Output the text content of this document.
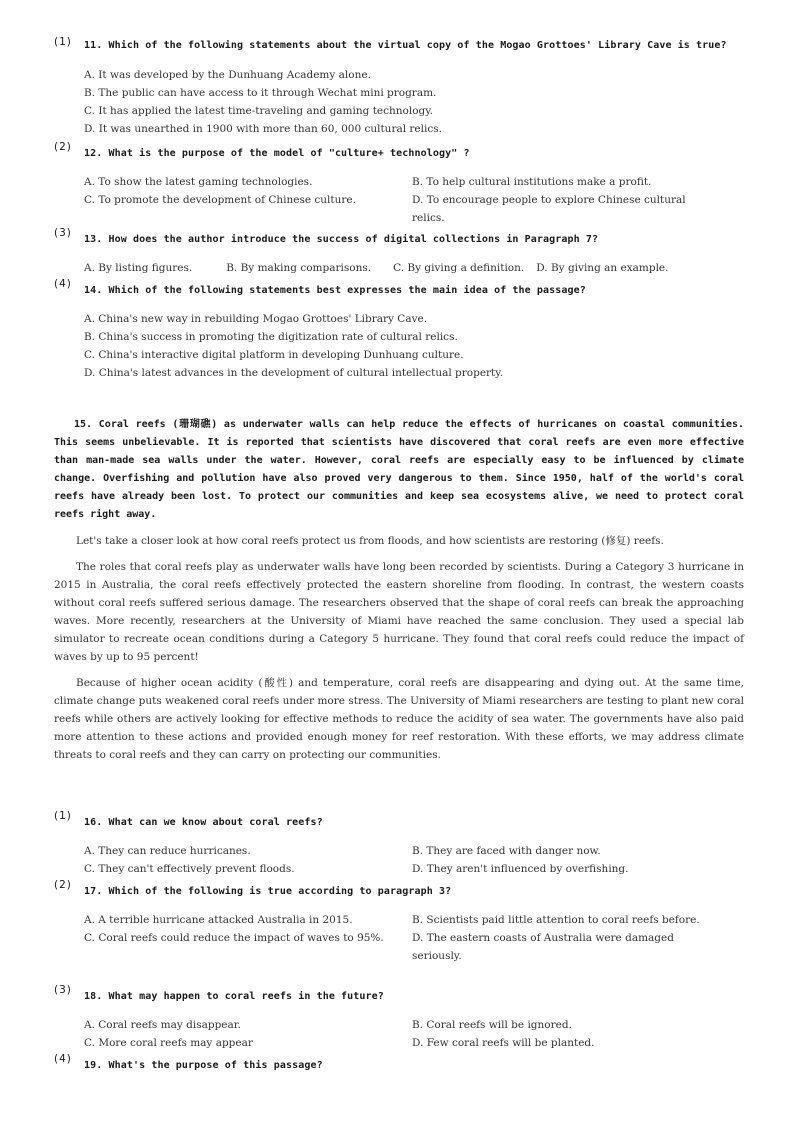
(1) 11. Which of the following statements about the virtual copy of the Mogao Grottoes' Library Cave is true?
A. It was developed by the Dunhuang Academy alone.
B. The public can have access to it through Wechat mini program.
C. It has applied the latest time-traveling and gaming technology.
D. It was unearthed in 1900 with more than 60, 000 cultural relics.
(2)
12. What is the purpose of the model of "culture+ technology" ?
A. To show the latest gaming technologies.	B. To help cultural institutions make a profit.
C. To promote the development of Chinese culture.	D. To encourage people to explore Chinese cultural relics.
(3)
13. How does the author introduce the success of digital collections in Paragraph 7?
A. By listing figures.	B. By making comparisons. C. By giving a definition. D. By giving an example.
(4)
14. Which of the following statements best expresses the main idea of the passage?
A. China's new way in rebuilding Mogao Grottoes' Library Cave.
B. China's success in promoting the digitization rate of cultural relics.
C. China's interactive digital platform in developing Dunhuang culture.
D. China's latest advances in the development of cultural intellectual property.

15. Coral reefs (珊瑚礁) as underwater walls can help reduce the effects of hurricanes on coastal communities. This seems unbelievable. It is reported that scientists have discovered that coral reefs are even more effective than man-made sea walls under the water. However, coral reefs are especially easy to be influenced by climate change. Overfishing and pollution have also proved very dangerous to them. Since 1950, half of the world's coral reefs have already been lost. To protect our communities and keep sea ecosystems alive, we need to protect coral reefs right away.

Let's take a closer look at how coral reefs protect us from floods, and how scientists are restoring (修复) reefs.

The roles that coral reefs play as underwater walls have long been recorded by scientists. During a Category 3 hurricane in 2015 in Australia, the coral reefs effectively protected the eastern shoreline from flooding. In contrast, the western coasts without coral reefs suffered serious damage. The researchers observed that the shape of coral reefs can break the approaching waves. More recently, researchers at the University of Miami have reached the same conclusion. They used a special lab simulator to recreate ocean conditions during a Category 5 hurricane. They found that coral reefs could reduce the impact of waves by up to 95 percent!

Because of higher ocean acidity (酸性) and temperature, coral reefs are disappearing and dying out. At the same time, climate change puts weakened coral reefs under more stress. The University of Miami researchers are testing to plant new coral reefs while others are actively looking for effective methods to reduce the acidity of sea water. The governments have also paid more attention to these actions and provided enough money for reef restoration. With these efforts, we may address climate threats to coral reefs and they can carry on protecting our communities.

(1)
16. What can we know about coral reefs?
A. They can reduce hurricanes.	B. They are faced with danger now.
C. They can't effectively prevent floods.	D. They aren't influenced by overfishing.
(2)
17. Which of the following is true according to paragraph 3?
A. A terrible hurricane attacked Australia in 2015.	B. Scientists paid little attention to coral reefs before.
C. Coral reefs could reduce the impact of waves to 95%.	D. The eastern coasts of Australia were damaged seriously.
(3)
18. What may happen to coral reefs in the future?
A. Coral reefs may disappear.	B. Coral reefs will be ignored.
C. More coral reefs may appear	D. Few coral reefs will be planted.
(4)
19. What's the purpose of this passage?
